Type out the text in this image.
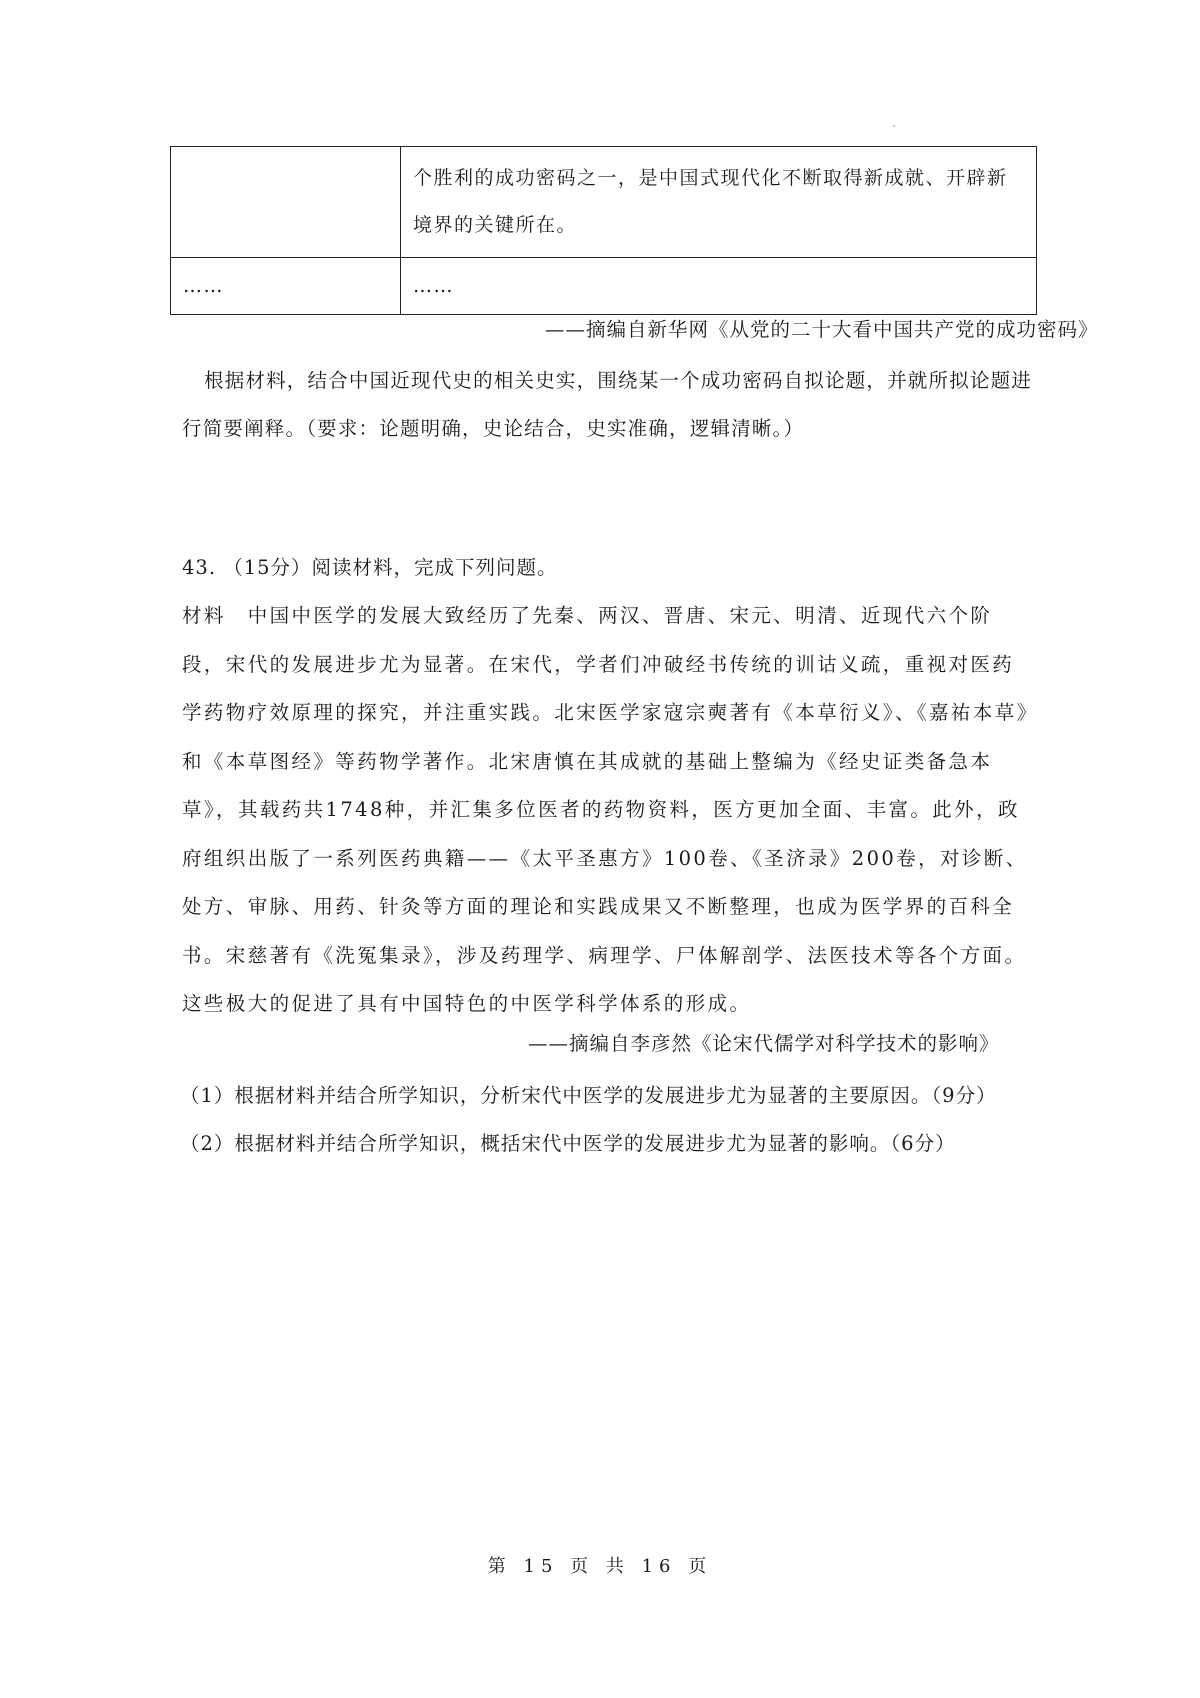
ᵒ
	个胜利的成功密码之一，是中国式现代化不断取得新成就、开辟新境界的关键所在。
……	……
——摘编自新华网《从党的二十大看中国共产党的成功密码》
根据材料，结合中国近现代史的相关史实，围绕某一个成功密码自拟论题，并就所拟论题进行简要阐释。（要求：论题明确，史论结合，史实准确，逻辑清晰。）
43. （15分）阅读材料，完成下列问题。
材料　中国中医学的发展大致经历了先秦、两汉、晋唐、宋元、明清、近现代六个阶段，宋代的发展进步尤为显著。在宋代，学者们冲破经书传统的训诂义疏，重视对医药学药物疗效原理的探究，并注重实践。北宋医学家寇宗奭著有《本草衍义》、《嘉祐本草》和《本草图经》等药物学著作。北宋唐慎在其成就的基础上整编为《经史证类备急本草》，其载药共1748种，并汇集多位医者的药物资料，医方更加全面、丰富。此外，政府组织出版了一系列医药典籍——《太平圣惠方》100卷、《圣济录》200卷，对诊断、处方、审脉、用药、针灸等方面的理论和实践成果又不断整理，也成为医学界的百科全书。宋慈著有《洗冤集录》，涉及药理学、病理学、尸体解剖学、法医技术等各个方面。这些极大的促进了具有中国特色的中医学科学体系的形成。
——摘编自李彦然《论宋代儒学对科学技术的影响》
（1）根据材料并结合所学知识，分析宋代中医学的发展进步尤为显著的主要原因。（9分）
（2）根据材料并结合所学知识，概括宋代中医学的发展进步尤为显著的影响。（6分）
第 15 页 共 16 页
